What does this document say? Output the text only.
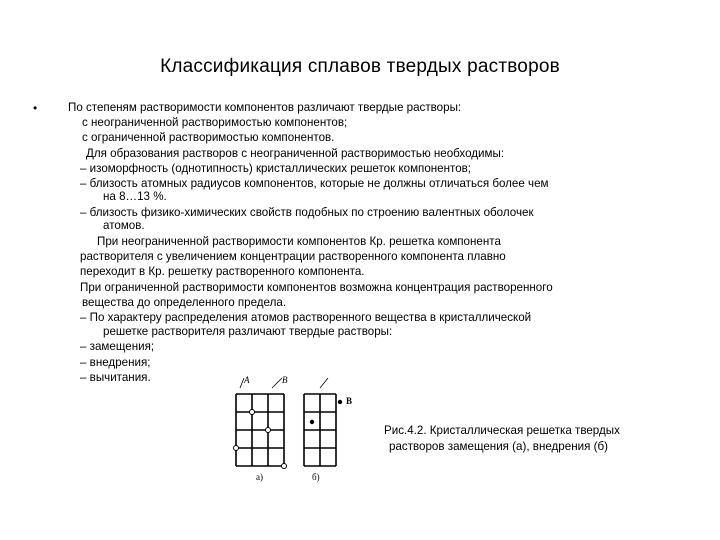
Классификация сплавов твердых растворов
•	По степеням растворимости компонентов различают твердые растворы:
с неограниченной растворимостью компонентов;
с ограниченной растворимостью компонентов.
Для образования растворов с неограниченной растворимостью необходимы:
– изоморфность (однотипность) кристаллических решеток компонентов;
– близость атомных радиусов компонентов, которые не должны отличаться более чем
на 8…13 %.
– близость физико-химических свойств подобных по строению валентных оболочек
атомов.
При неограниченной растворимости компонентов Кр. решетка компонента
растворителя с увеличением концентрации растворенного компонента плавно
переходит в Кр. решетку растворенного компонента.
При ограниченной растворимости компонентов возможна концентрация растворенного
вещества до определенного предела.
– По характеру распределения атомов растворенного вещества в кристаллической
решетке растворителя различают твердые растворы:
– замещения;
– внедрения;
– вычитания.	A	B
B
а)	б)
Рис.4.2. Кристаллическая решетка твердых
растворов замещения (а), внедрения (б)
